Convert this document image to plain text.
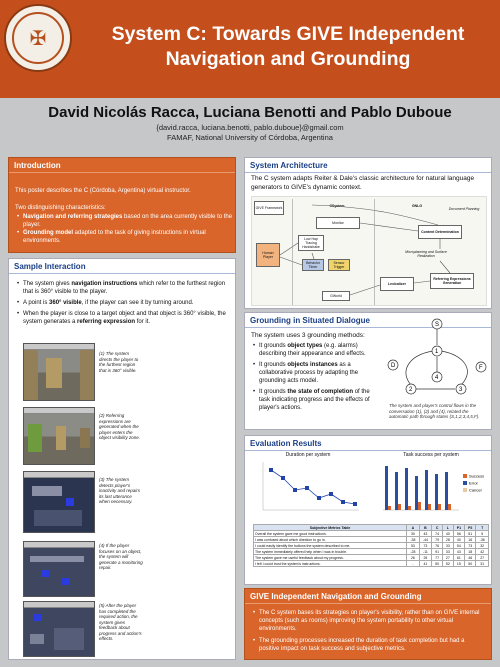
✠	System C: Towards GIVE Independent
Navigation and Grounding
David Nicolás Racca, Luciana Benotti and Pablo Duboue
{david.racca, luciana.benotti, pablo.duboue}@gmail.com
FAMAF, National University of Córdoba, Argentina
Introduction
This poster describes the C (Córdoba, Argentina) virtual instructor.
Two distinguishing characteristics:
• Navigation and referring strategies based on the area currently visible to the player.
• Grounding model adapted to the task of giving instructions in virtual environments.
Sample Interaction
• The system gives navigation instructions which refer to the furthest region that is 360° visible to the player.
• A point is 360° visible, if the player can see it by turning around.
• When the player is close to a target object and that object is 360° visible, the system generates a referring expression for it.
(1) The system directs the player to the furthest region that is 360° visible.
(2) Referring expressions are generated when the player enters the object visibility zone.
(3) The system detects player's inactivity and repairs its last utterance when necessary.
(4) If the player focuses on an object, the system will generate a monitoring repair.
(5) After the player has completed the required action, the system gives feedback about progress and action's effects.
System Architecture
The C system adapts Reiter & Dale's classic architecture for natural language generators to GIVE's dynamic context.
GIVE Framework	CSystem	GNLG
Monitor
Low Hap Tracing Handshake
Content Determination
Microplanning and Surface Realization
Referring Expressions Generation
Human Player
GWorld
Lexicalizer
Document Planning
Behavior Timer
Sensor Trigger
Grounding in Situated Dialogue
The system uses 3 grounding methods:
• It grounds object types (e.g. alarms) describing their appearance and effects.
• It grounds objects instances as a collaborative process by adapting the grounding acts model.
• It grounds the state of completion of the task indicating progress and the effects of player's actions.
S
1
2	3
4
F
D
The system and player's control flows in the conversation (1), (2) and (4), related the automatic path through states {S,1,2,3,4,5,F}.
Evaluation Results
Duration per system	Task success per system
Success
Error
Cancel
Subjective Metrics Table	A	B	C	L	P1	P2	T
Overall the system gave me good instructions.	30	43	74	40	56	51	5
I was confused about which direction to go in.	-38	-44	79	28	40	16	-36
I could easily identify the buttons the system described to me.	53	73	76	33	54	73	32
The system immediately offered help when I was in trouble.	-28	-11	91	33	43	18	42
The system gave me useful feedback about my progress.	26	25	77	27	61	46	27
I felt I could trust the system's instructions.	-	41	50	52	15	50	31
GIVE Independent Navigation and Grounding
• The C system bases its strategies on player's visibility, rather than on GIVE internal concepts (such as rooms) improving the system portability to other virtual environments.
• The grounding processes increased the duration of task completion but had a positive impact on task success and subjective metrics.
